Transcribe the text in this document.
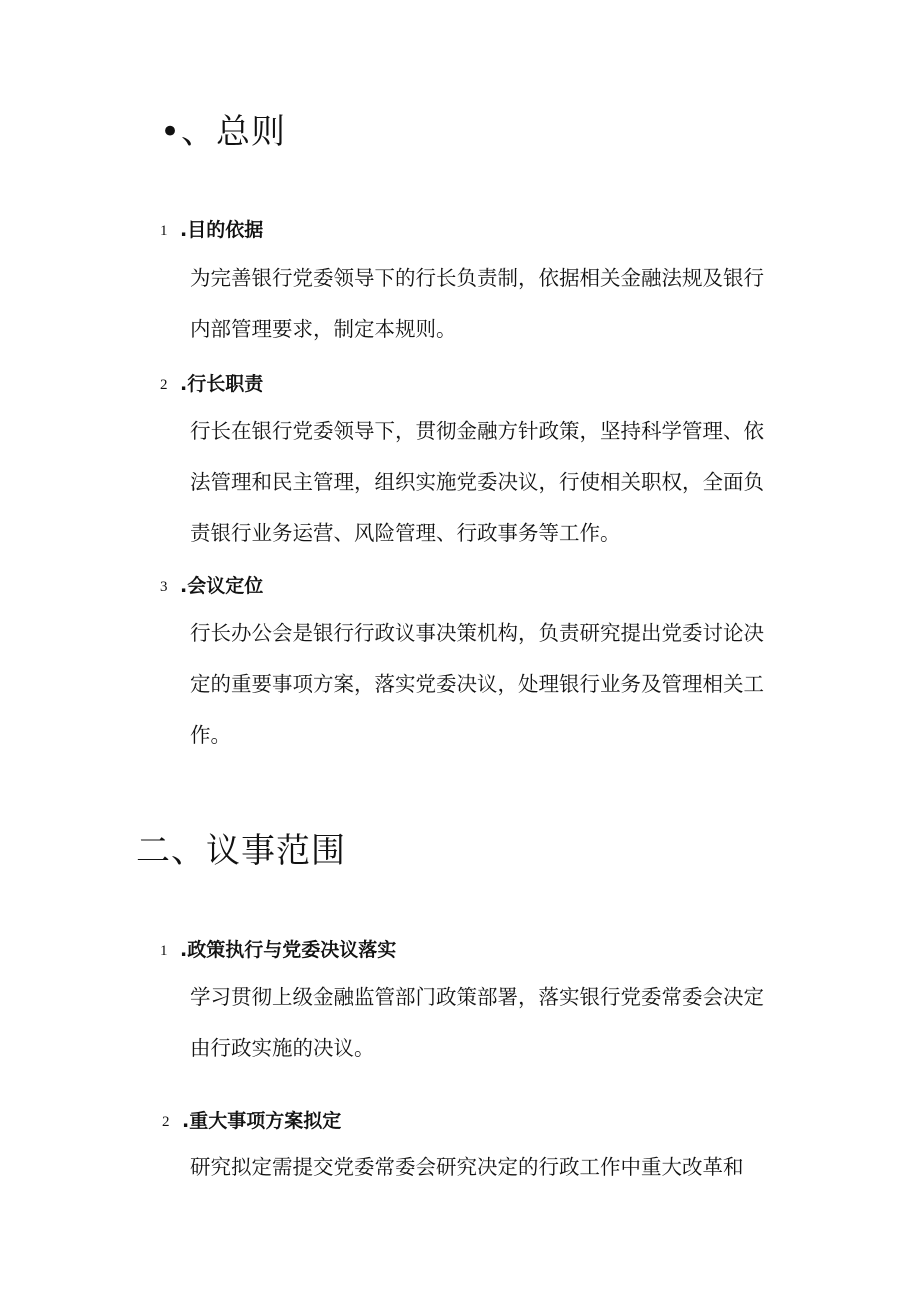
•、总则
1 .目的依据
为完善银行党委领导下的行长负责制，依据相关金融法规及银行
内部管理要求，制定本规则。
2 .行长职责
行长在银行党委领导下，贯彻金融方针政策，坚持科学管理、依
法管理和民主管理，组织实施党委决议，行使相关职权，全面负
责银行业务运营、风险管理、行政事务等工作。
3 .会议定位
行长办公会是银行行政议事决策机构，负责研究提出党委讨论决
定的重要事项方案，落实党委决议，处理银行业务及管理相关工
作。
二、议事范围
1 .政策执行与党委决议落实
学习贯彻上级金融监管部门政策部署，落实银行党委常委会决定
由行政实施的决议。
2 .重大事项方案拟定
研究拟定需提交党委常委会研究决定的行政工作中重大改革和
